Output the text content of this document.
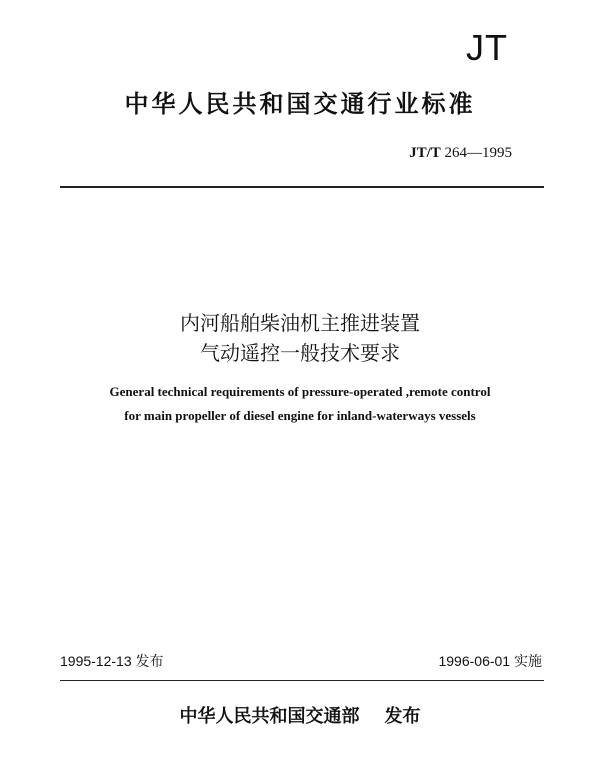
JT
中华人民共和国交通行业标准
JT/T 264—1995
内河船舶柴油机主推进装置
气动遥控一般技术要求
General technical requirements of pressure-operated ,remote control
for main propeller of diesel engine for inland-waterways vessels
1995-12-13 发布	1996-06-01 实施
中华人民共和国交通部 发布
